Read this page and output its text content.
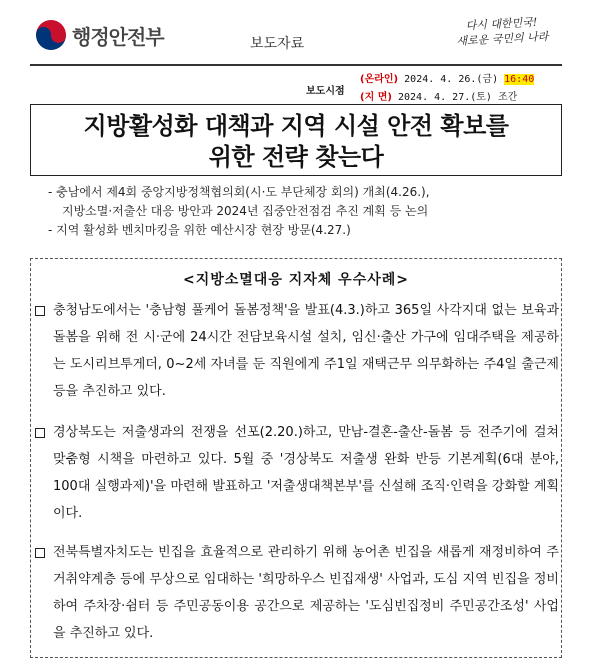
행정안전부	보도자료
다시 대한민국!
새로운 국민의 나라
보도시점
(온라인) 2024. 4. 26.(금) 16:40
(지 면) 2024. 4. 27.(토) 조간
지방활성화 대책과 지역 시설 안전 확보를
위한 전략 찾는다
- 충남에서 제4회 중앙지방정책협의회(시·도 부단체장 회의) 개최(4.26.),
지방소멸·저출산 대응 방안과 2024년 집중안전점검 추진 계획 등 논의
- 지역 활성화 벤치마킹을 위한 예산시장 현장 방문(4.27.)
<지방소멸대응 지자체 우수사례>
충청남도에서는 '충남형 풀케어 돌봄정책'을 발표(4.3.)하고 365일 사각지대 없는 보육과 돌봄을 위해 전 시·군에 24시간 전담보육시설 설치, 임신·출산 가구에 임대주택을 제공하는 도시리브투게더, 0~2세 자녀를 둔 직원에게 주1일 재택근무 의무화하는 주4일 출근제 등을 추진하고 있다.
경상북도는 저출생과의 전쟁을 선포(2.20.)하고, 만남-결혼-출산-돌봄 등 전주기에 걸쳐 맞춤형 시책을 마련하고 있다. 5월 중 '경상북도 저출생 완화 반등 기본계획(6대 분야, 100대 실행과제)'을 마련해 발표하고 '저출생대책본부'를 신설해 조직·인력을 강화할 계획이다.
전북특별자치도는 빈집을 효율적으로 관리하기 위해 농어촌 빈집을 새롭게 재정비하여 주거취약계층 등에 무상으로 임대하는 '희망하우스 빈집재생' 사업과, 도심 지역 빈집을 정비하여 주차장·쉼터 등 주민공동이용 공간으로 제공하는 '도심빈집정비 주민공간조성' 사업을 추진하고 있다.
